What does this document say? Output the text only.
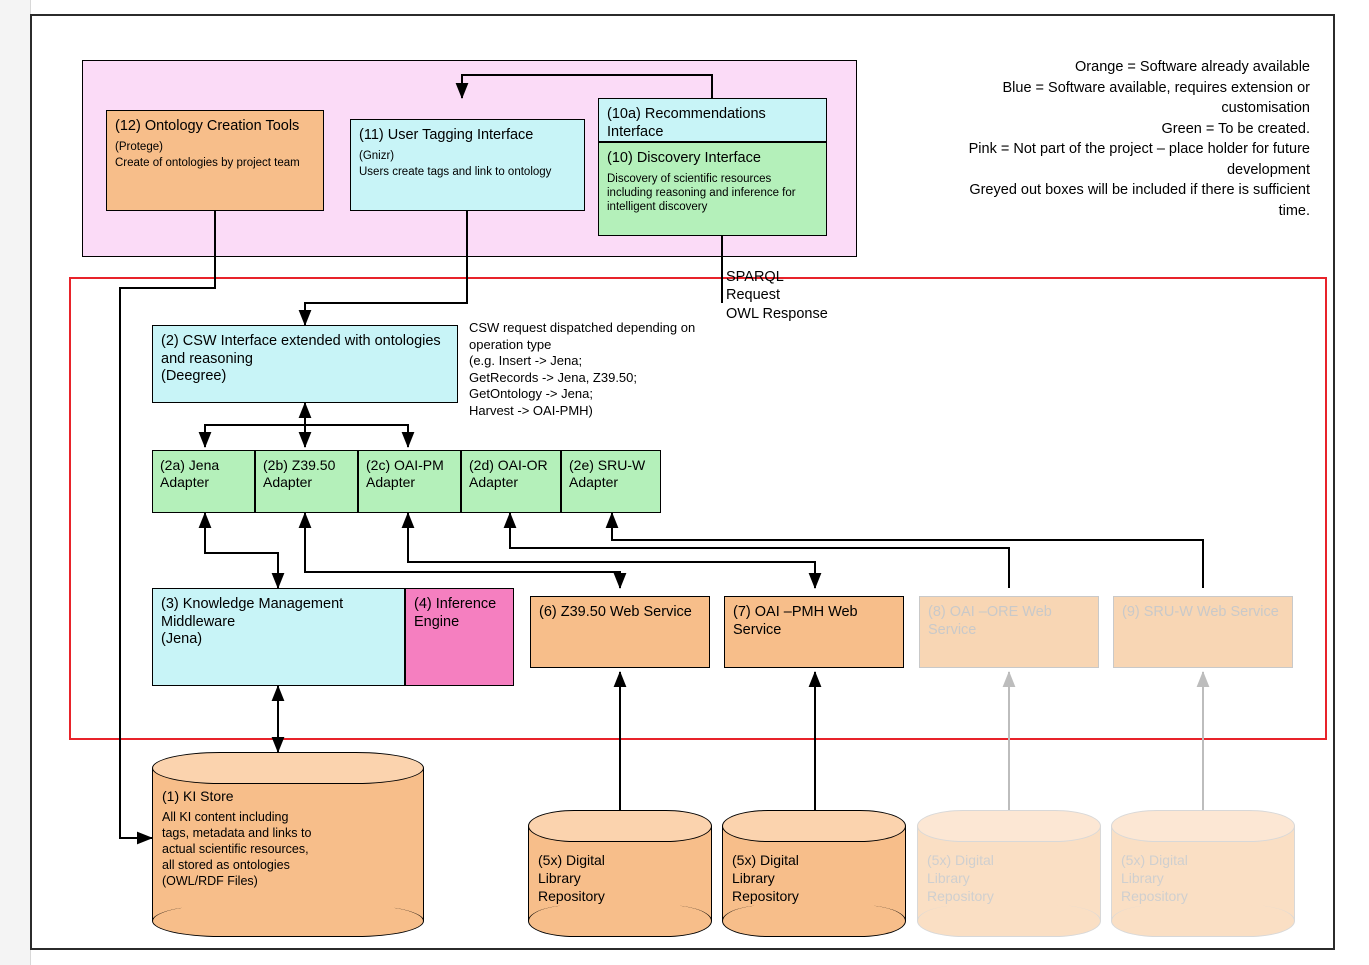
Orange = Software already available
Blue = Software available, requires extension or customisation
Green = To be created.
Pink = Not part of the project – place holder for future development
Greyed out boxes will be included if there is sufficient time.
(12) Ontology Creation Tools
(Protege)
Create of ontologies by project team
(11) User Tagging Interface
(Gnizr)
Users create tags and link to ontology
(10a) Recommendations Interface
(10) Discovery Interface
Discovery of scientific resources including reasoning and inference for intelligent discovery
SPARQL
Request
OWL Response
(2) CSW Interface extended with ontologies and reasoning
(Deegree)
CSW request dispatched depending on
operation type
(e.g. Insert -> Jena;
GetRecords -> Jena, Z39.50;
GetOntology -> Jena;
Harvest -> OAI-PMH)
(2a) Jena Adapter
(2b) Z39.50 Adapter
(2c) OAI-PM Adapter
(2d) OAI-OR Adapter
(2e) SRU-W Adapter
(3) Knowledge Management Middleware
(Jena)
(4) Inference Engine
(6) Z39.50 Web Service	(7) OAI –PMH Web Service
(8) OAI –ORE Web Service
(9) SRU-W Web Service
(1) KI Store
All KI content including tags, metadata and links to actual scientific resources, all stored as ontologies (OWL/RDF Files)
(5x) Digital Library Repository
(5x) Digital Library Repository
(5x) Digital Library Repository
(5x) Digital Library Repository
